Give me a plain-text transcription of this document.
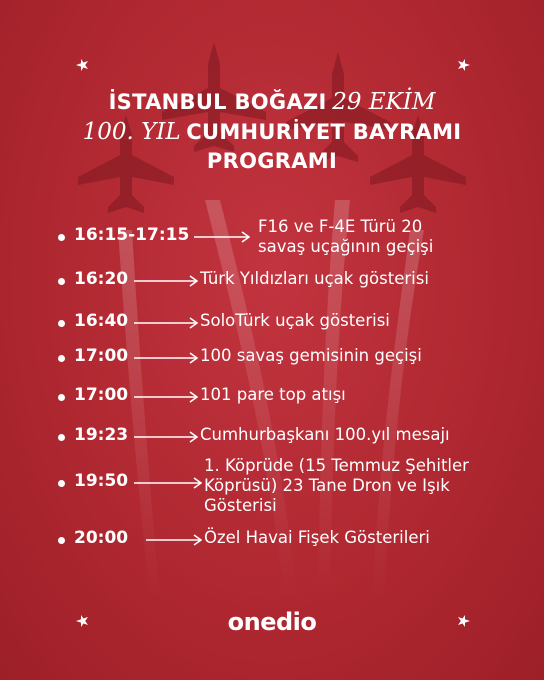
İSTANBUL BOĞAZI 29 EKİM
100. YIL CUMHURİYET BAYRAMI
PROGRAMI
16:15-17:15	F16 ve F-4E Türü 20
savaş uçağının geçişi
16:20	Türk Yıldızları uçak gösterisi
16:40	SoloTürk uçak gösterisi
17:00	100 savaş gemisinin geçişi
17:00	101 pare top atışı
19:23	Cumhurbaşkanı 100.yıl mesajı
19:50
1. Köprüde (15 Temmuz Şehitler
Köprüsü) 23 Tane Dron ve Işık
Gösterisi
20:00	Özel Havai Fişek Gösterileri
onedio
